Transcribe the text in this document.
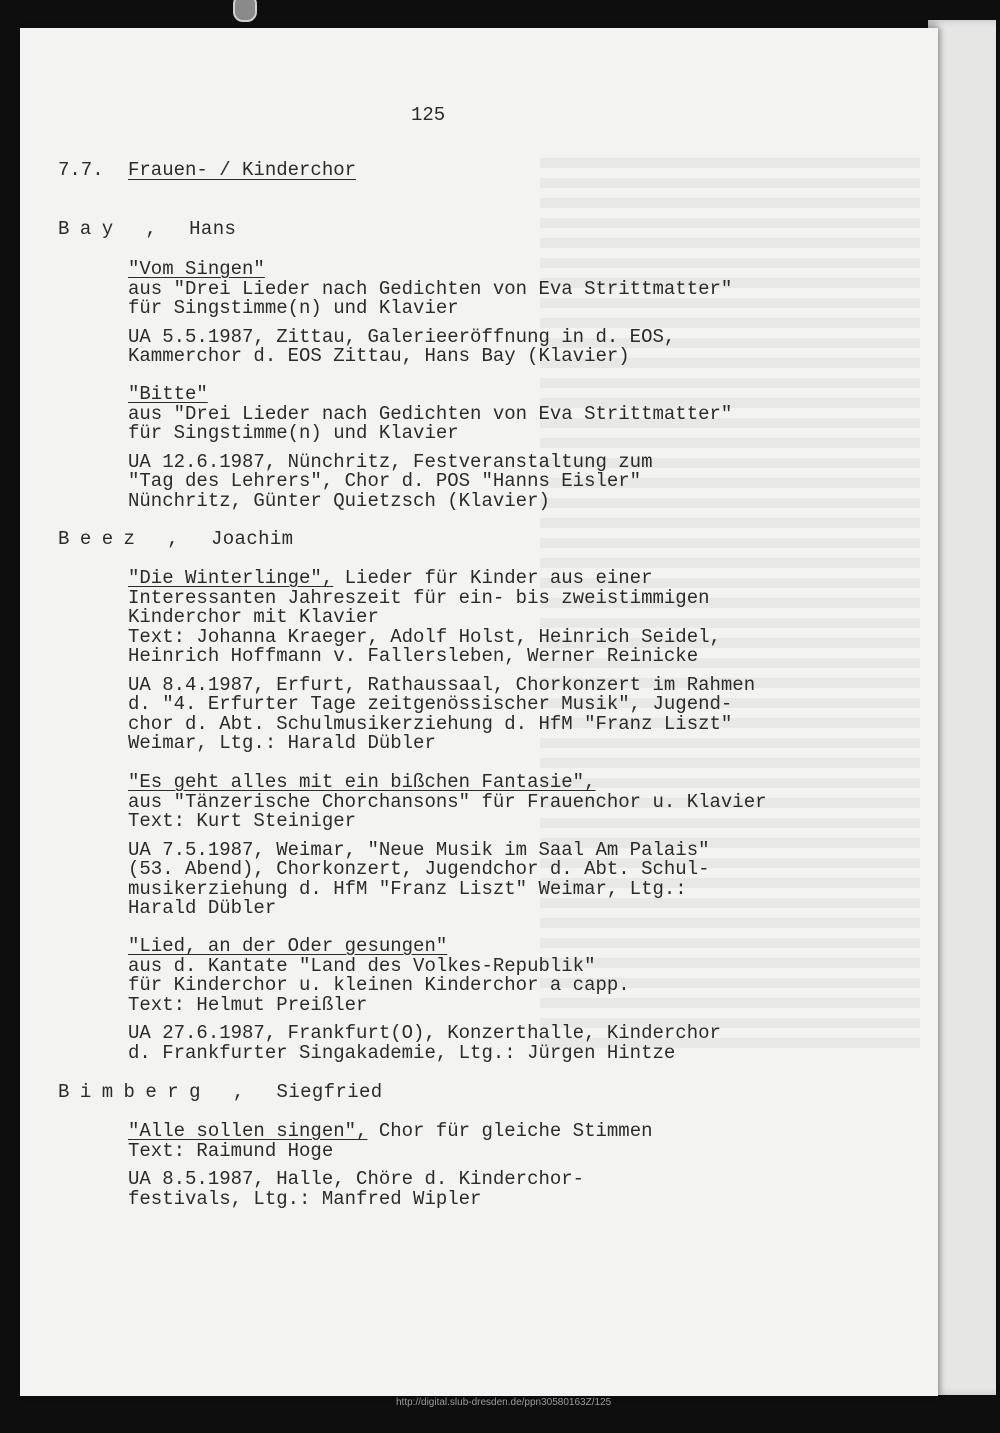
125
7.7. Frauen- / Kinderchor
Bay , Hans
"Vom Singen"
aus "Drei Lieder nach Gedichten von Eva Strittmatter"
für Singstimme(n) und Klavier
UA 5.5.1987, Zittau, Galerieeröffnung in d. EOS,
Kammerchor d. EOS Zittau, Hans Bay (Klavier)
"Bitte"
aus "Drei Lieder nach Gedichten von Eva Strittmatter"
für Singstimme(n) und Klavier
UA 12.6.1987, Nünchritz, Festveranstaltung zum
"Tag des Lehrers", Chor d. POS "Hanns Eisler"
Nünchritz, Günter Quietzsch (Klavier)
Beez , Joachim
"Die Winterlinge", Lieder für Kinder aus einer
Interessanten Jahreszeit für ein- bis zweistimmigen
Kinderchor mit Klavier
Text: Johanna Kraeger, Adolf Holst, Heinrich Seidel,
Heinrich Hoffmann v. Fallersleben, Werner Reinicke
UA 8.4.1987, Erfurt, Rathaussaal, Chorkonzert im Rahmen
d. "4. Erfurter Tage zeitgenössischer Musik", Jugend-
chor d. Abt. Schulmusikerziehung d. HfM "Franz Liszt"
Weimar, Ltg.: Harald Dübler
"Es geht alles mit ein bißchen Fantasie",
aus "Tänzerische Chorchansons" für Frauenchor u. Klavier
Text: Kurt Steiniger
UA 7.5.1987, Weimar, "Neue Musik im Saal Am Palais"
(53. Abend), Chorkonzert, Jugendchor d. Abt. Schul-
musikerziehung d. HfM "Franz Liszt" Weimar, Ltg.:
Harald Dübler
"Lied, an der Oder gesungen"
aus d. Kantate "Land des Volkes-Republik"
für Kinderchor u. kleinen Kinderchor a capp.
Text: Helmut Preißler
UA 27.6.1987, Frankfurt(O), Konzerthalle, Kinderchor
d. Frankfurter Singakademie, Ltg.: Jürgen Hintze
Bimberg , Siegfried
"Alle sollen singen", Chor für gleiche Stimmen
Text: Raimund Hoge
UA 8.5.1987, Halle, Chöre d. Kinderchor-
festivals, Ltg.: Manfred Wipler
http://digital.slub-dresden.de/ppn30580163Z/125
